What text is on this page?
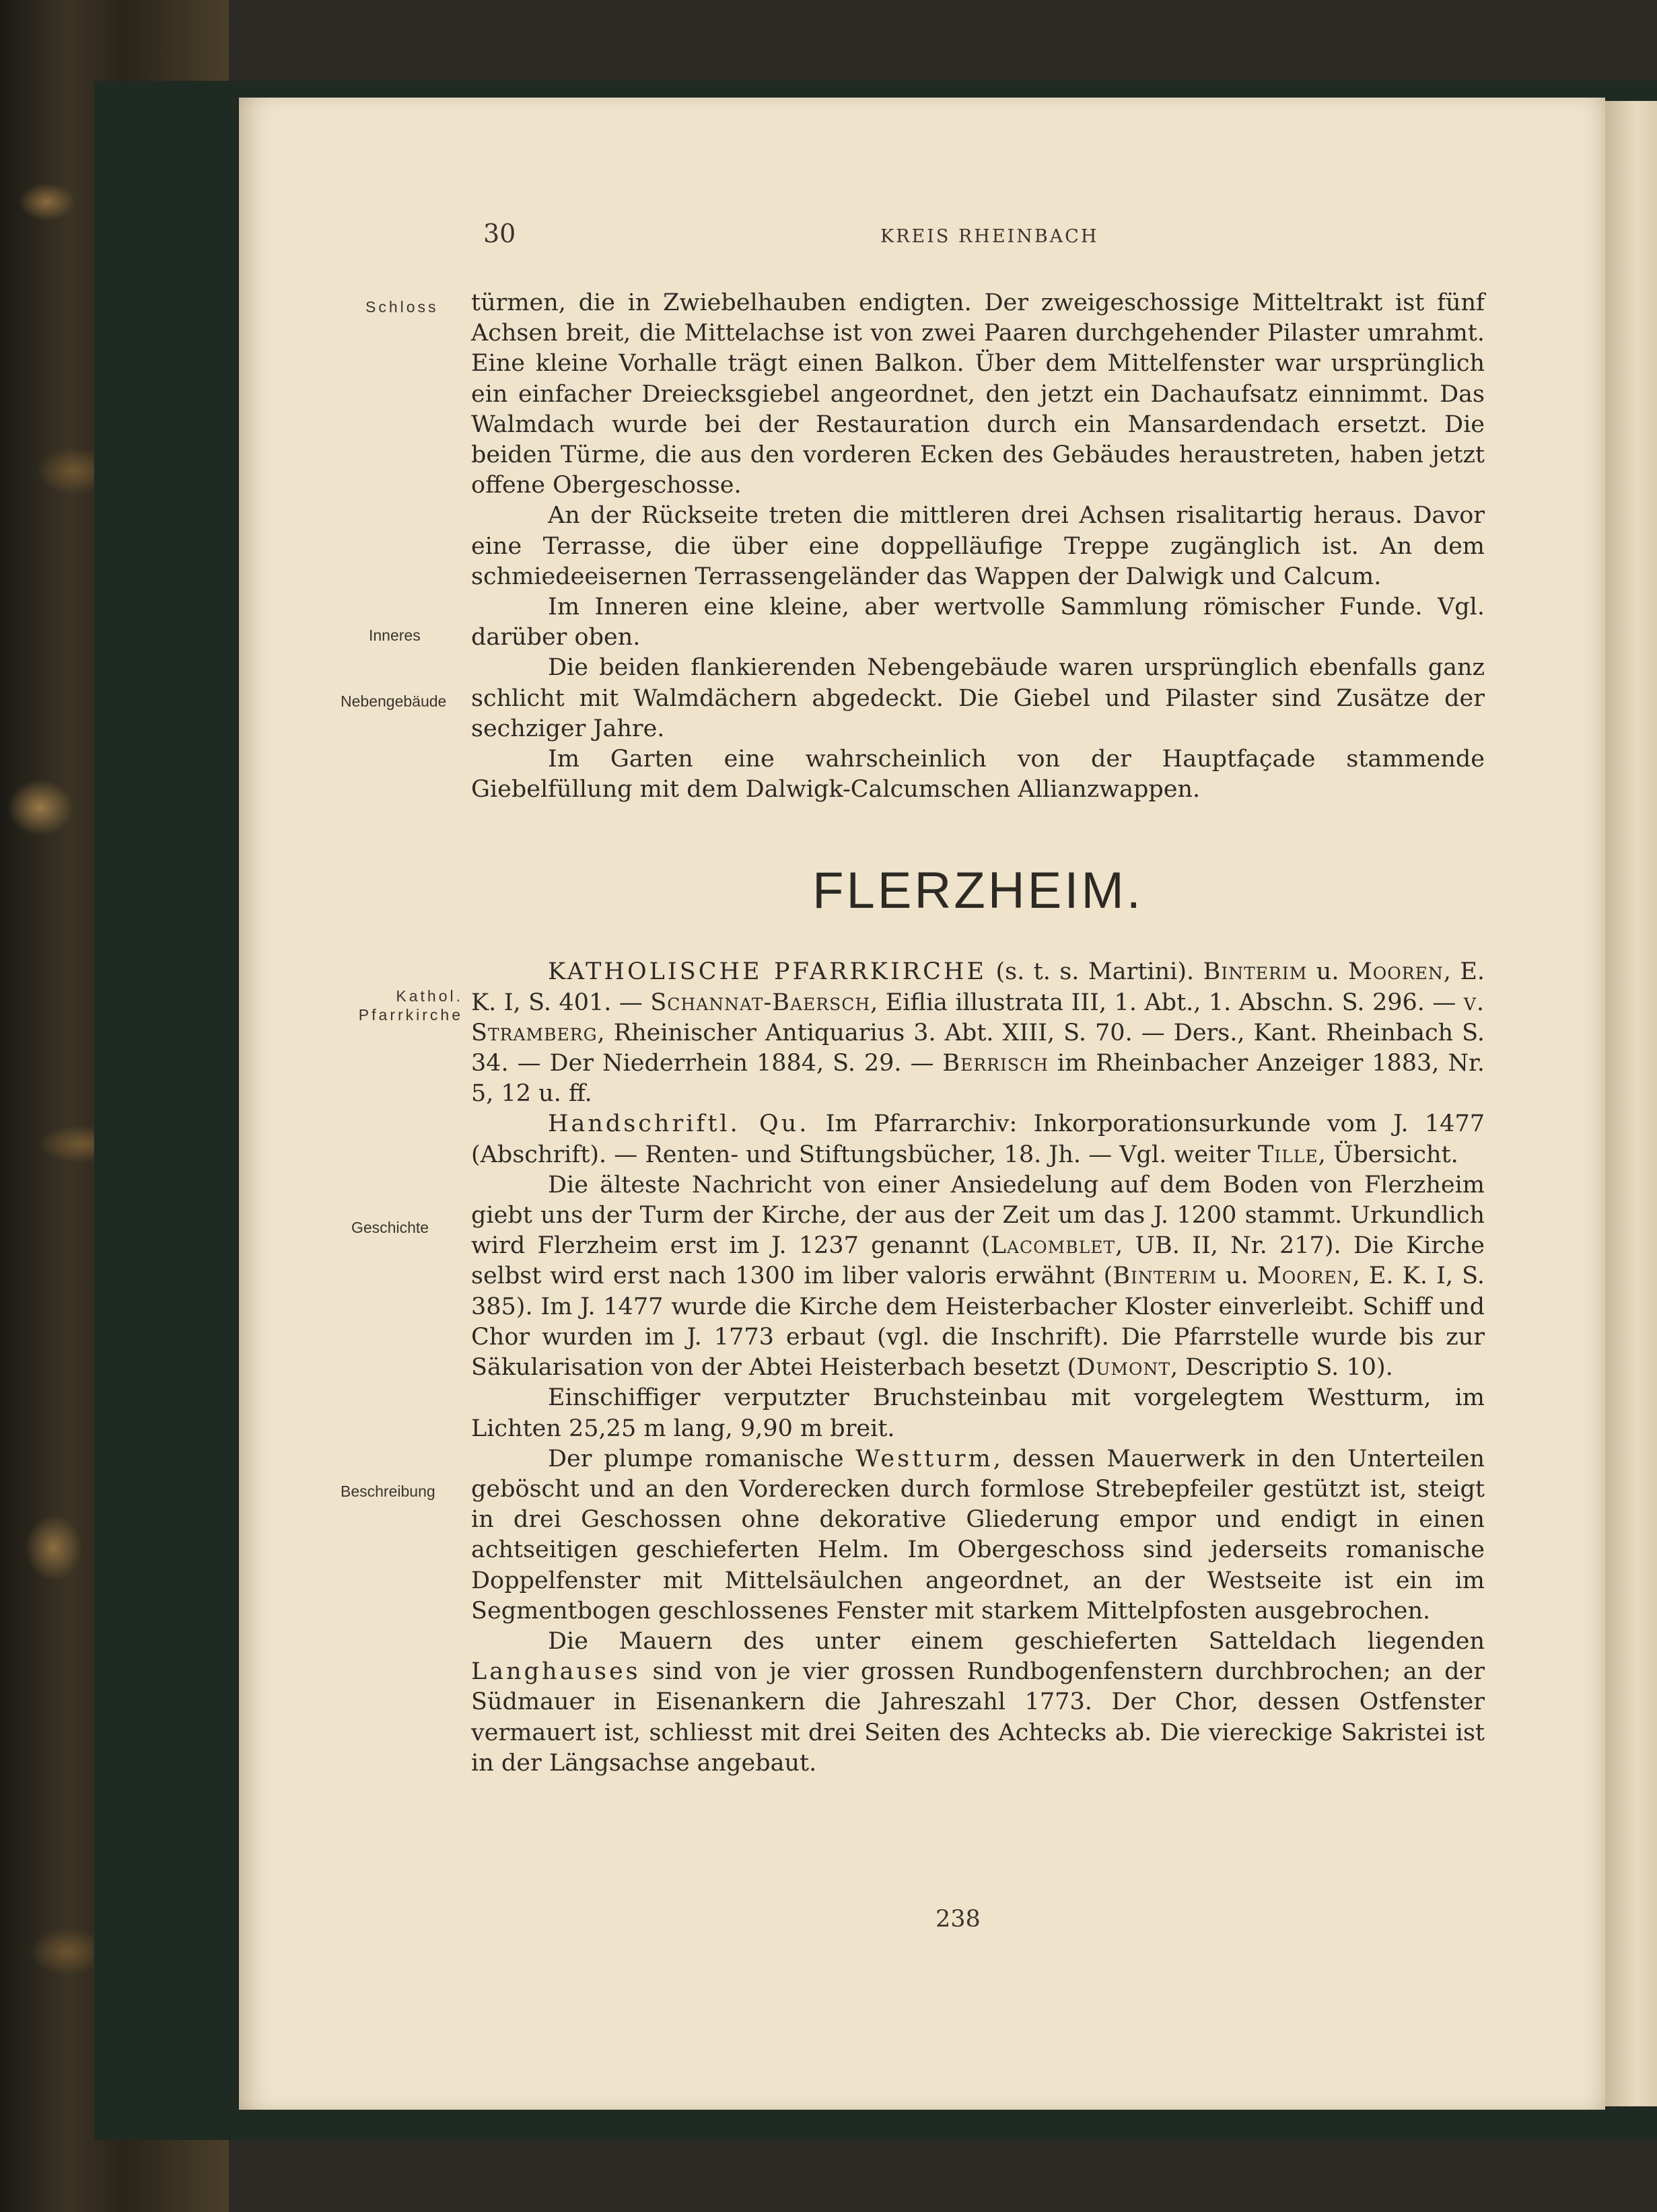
30	KREIS RHEINBACH
Schloss
Inneres
Nebengebäude
Kathol.
Pfarrkirche
Geschichte
Beschreibung

türmen, die in Zwiebelhauben endigten. Der zweigeschossige Mitteltrakt ist fünf Achsen breit, die Mittelachse ist von zwei Paaren durchgehender Pilaster umrahmt. Eine kleine Vorhalle trägt einen Balkon. Über dem Mittelfenster war ursprünglich ein einfacher Dreiecksgiebel angeordnet, den jetzt ein Dachaufsatz einnimmt. Das Walmdach wurde bei der Restauration durch ein Mansardendach ersetzt. Die beiden Türme, die aus den vorderen Ecken des Gebäudes heraustreten, haben jetzt offene Obergeschosse.

An der Rückseite treten die mittleren drei Achsen risalitartig heraus. Davor eine Terrasse, die über eine doppelläufige Treppe zugänglich ist. An dem schmiedeeisernen Terrassengeländer das Wappen der Dalwigk und Calcum.

Im Inneren eine kleine, aber wertvolle Sammlung römischer Funde. Vgl. darüber oben.

Die beiden flankierenden Nebengebäude waren ursprünglich ebenfalls ganz schlicht mit Walmdächern abgedeckt. Die Giebel und Pilaster sind Zusätze der sechziger Jahre.

Im Garten eine wahrscheinlich von der Hauptfaçade stammende Giebelfüllung mit dem Dalwigk-Calcumschen Allianzwappen.

FLERZHEIM.

KATHOLISCHE PFARRKIRCHE (s. t. s. Martini). Binterim u. Mooren, E. K. I, S. 401. — Schannat-Baersch, Eiflia illustrata III, 1. Abt., 1. Abschn. S. 296. — v. Stramberg, Rheinischer Antiquarius 3. Abt. XIII, S. 70. — Ders., Kant. Rheinbach S. 34. — Der Niederrhein 1884, S. 29. — Berrisch im Rheinbacher Anzeiger 1883, Nr. 5, 12 u. ff.

Handschriftl. Qu. Im Pfarrarchiv: Inkorporationsurkunde vom J. 1477 (Abschrift). — Renten- und Stiftungsbücher, 18. Jh. — Vgl. weiter Tille, Übersicht.

Die älteste Nachricht von einer Ansiedelung auf dem Boden von Flerzheim giebt uns der Turm der Kirche, der aus der Zeit um das J. 1200 stammt. Urkundlich wird Flerzheim erst im J. 1237 genannt (Lacomblet, UB. II, Nr. 217). Die Kirche selbst wird erst nach 1300 im liber valoris erwähnt (Binterim u. Mooren, E. K. I, S. 385). Im J. 1477 wurde die Kirche dem Heisterbacher Kloster einverleibt. Schiff und Chor wurden im J. 1773 erbaut (vgl. die Inschrift). Die Pfarrstelle wurde bis zur Säkularisation von der Abtei Heisterbach besetzt (Dumont, Descriptio S. 10).

Einschiffiger verputzter Bruchsteinbau mit vorgelegtem Westturm, im Lichten 25,25 m lang, 9,90 m breit.

Der plumpe romanische Westturm, dessen Mauerwerk in den Unterteilen geböscht und an den Vorderecken durch formlose Strebepfeiler gestützt ist, steigt in drei Geschossen ohne dekorative Gliederung empor und endigt in einen achtseitigen geschieferten Helm. Im Obergeschoss sind jederseits romanische Doppelfenster mit Mittelsäulchen angeordnet, an der Westseite ist ein im Segmentbogen geschlossenes Fenster mit starkem Mittelpfosten ausgebrochen.

Die Mauern des unter einem geschieferten Satteldach liegenden Langhauses sind von je vier grossen Rundbogenfenstern durchbrochen; an der Südmauer in Eisenankern die Jahreszahl 1773. Der Chor, dessen Ostfenster vermauert ist, schliesst mit drei Seiten des Achtecks ab. Die viereckige Sakristei ist in der Längsachse angebaut.

238
